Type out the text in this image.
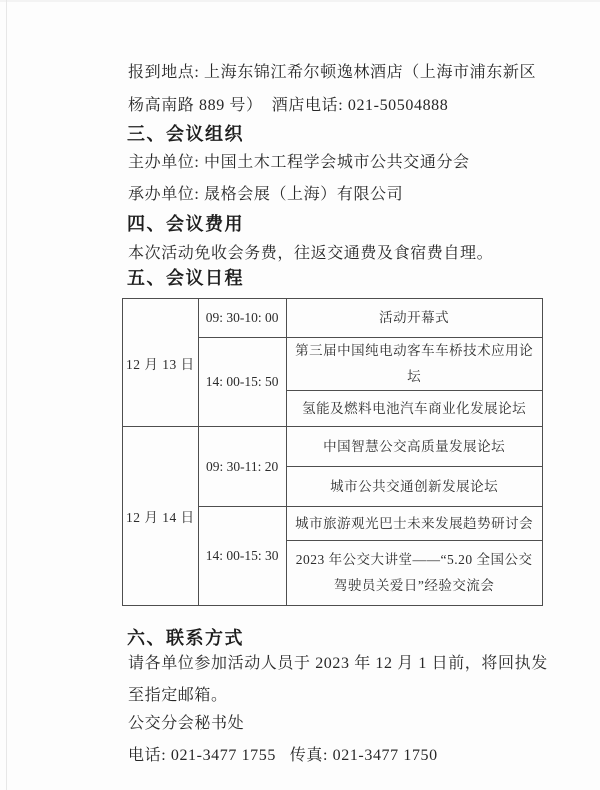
报到地点: 上海东锦江希尔顿逸林酒店（上海市浦东新区
杨高南路 889 号）  酒店电话: 021-50504888
三、会议组织
主办单位: 中国土木工程学会城市公共交通分会
承办单位: 晟格会展（上海）有限公司
四、会议费用
本次活动免收会务费，往返交通费及食宿费自理。
五、会议日程
12 月 13 日	09: 30-10: 00	活动开幕式
	14: 00-15: 50	第三届中国纯电动客车车桥技术应用论坛
		氢能及燃料电池汽车商业化发展论坛
12 月 14 日	09: 30-11: 20	中国智慧公交高质量发展论坛
		城市公共交通创新发展论坛
	14: 00-15: 30	城市旅游观光巴士未来发展趋势研讨会
		2023 年公交大讲堂——“5.20 全国公交驾驶员关爱日”经验交流会
六、联系方式
请各单位参加活动人员于 2023 年 12 月 1 日前，将回执发
至指定邮箱。
公交分会秘书处
电话: 021-3477 1755   传真: 021-3477 1750
